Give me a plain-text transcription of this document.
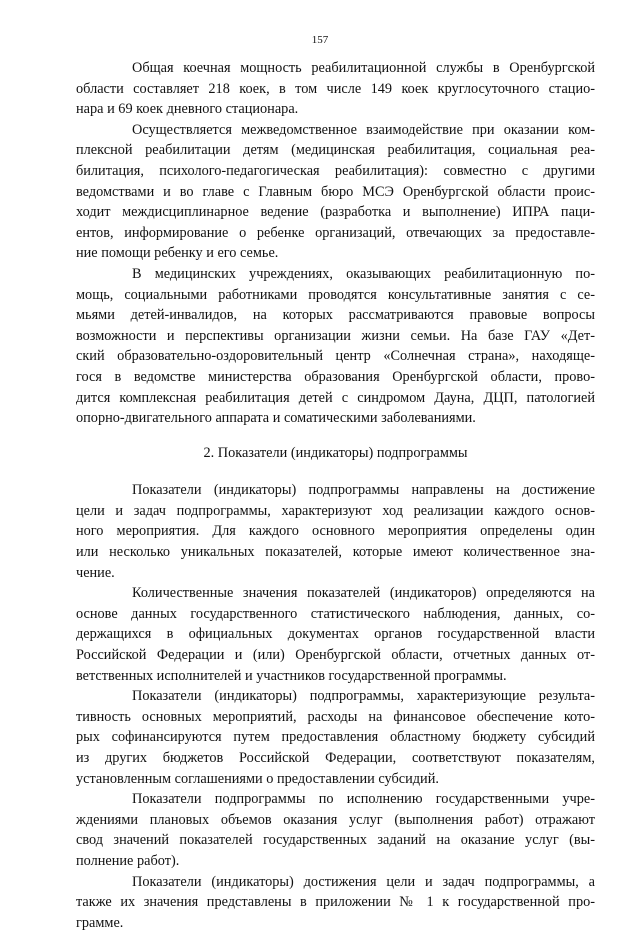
157
Общая коечная мощность реабилитационной службы в Оренбургской
области составляет 218 коек, в том числе 149 коек круглосуточного стацио-
нара и 69 коек дневного стационара.
Осуществляется межведомственное взаимодействие при оказании ком-
плексной реабилитации детям (медицинская реабилитация, социальная реа-
билитация, психолого-педагогическая реабилитация): совместно с другими
ведомствами и во главе с Главным бюро МСЭ Оренбургской области проис-
ходит междисциплинарное ведение (разработка и выполнение) ИПРА паци-
ентов, информирование о ребенке организаций, отвечающих за предоставле-
ние помощи ребенку и его семье.
В медицинских учреждениях, оказывающих реабилитационную по-
мощь, социальными работниками проводятся консультативные занятия с се-
мьями детей-инвалидов, на которых рассматриваются правовые вопросы
возможности и перспективы организации жизни семьи. На базе ГАУ «Дет-
ский образовательно-оздоровительный центр «Солнечная страна», находяще-
гося в ведомстве министерства образования Оренбургской области, прово-
дится комплексная реабилитация детей с синдромом Дауна, ДЦП, патологией
опорно-двигательного аппарата и соматическими заболеваниями.
2. Показатели (индикаторы) подпрограммы
Показатели (индикаторы) подпрограммы направлены на достижение
цели и задач подпрограммы, характеризуют ход реализации каждого основ-
ного мероприятия. Для каждого основного мероприятия определены один
или несколько уникальных показателей, которые имеют количественное зна-
чение.
Количественные значения показателей (индикаторов) определяются на
основе данных государственного статистического наблюдения, данных, со-
держащихся в официальных документах органов государственной власти
Российской Федерации и (или) Оренбургской области, отчетных данных от-
ветственных исполнителей и участников государственной программы.
Показатели (индикаторы) подпрограммы, характеризующие результа-
тивность основных мероприятий, расходы на финансовое обеспечение кото-
рых софинансируются путем предоставления областному бюджету субсидий
из других бюджетов Российской Федерации, соответствуют показателям,
установленным соглашениями о предоставлении субсидий.
Показатели подпрограммы по исполнению государственными учре-
ждениями плановых объемов оказания услуг (выполнения работ) отражают
свод значений показателей государственных заданий на оказание услуг (вы-
полнение работ).
Показатели (индикаторы) достижения цели и задач подпрограммы, а
также их значения представлены в приложении № 1 к государственной про-
грамме.
